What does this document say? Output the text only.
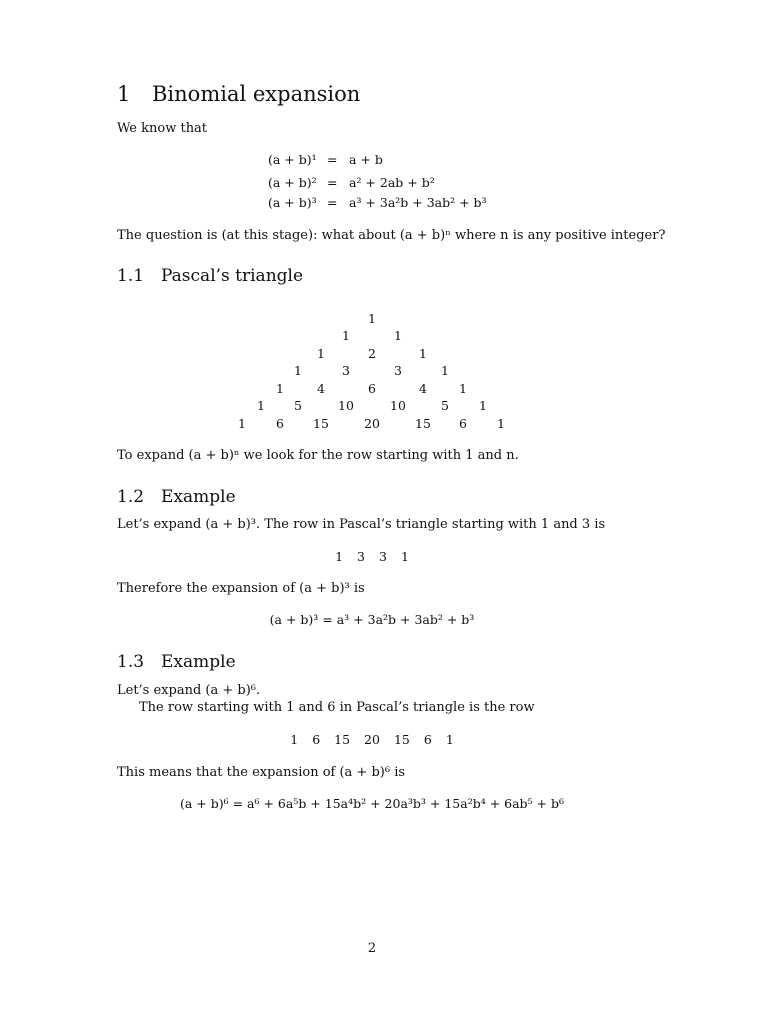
1 Binomial expansion
We know that
(a + b)¹ = a + b
(a + b)² = a² + 2ab + b²
(a + b)³ = a³ + 3a²b + 3ab² + b³
The question is (at this stage): what about (a + b)ⁿ where n is any positive integer?
1.1 Pascal’s triangle
1
1	1
1	2	1
1	3	3	1
1	4	6	4	1
1	5	10	10	5	1
1	6	15	20	15	6	1
To expand (a + b)ⁿ we look for the row starting with 1 and n.
1.2 Example
Let’s expand (a + b)³. The row in Pascal’s triangle starting with 1 and 3 is
1 3 3 1
Therefore the expansion of (a + b)³ is
(a + b)³ = a³ + 3a²b + 3ab² + b³
1.3 Example
Let’s expand (a + b)⁶.
The row starting with 1 and 6 in Pascal’s triangle is the row
1 6 15 20 15 6 1
This means that the expansion of (a + b)⁶ is
(a + b)⁶ = a⁶ + 6a⁵b + 15a⁴b² + 20a³b³ + 15a²b⁴ + 6ab⁵ + b⁶
2
